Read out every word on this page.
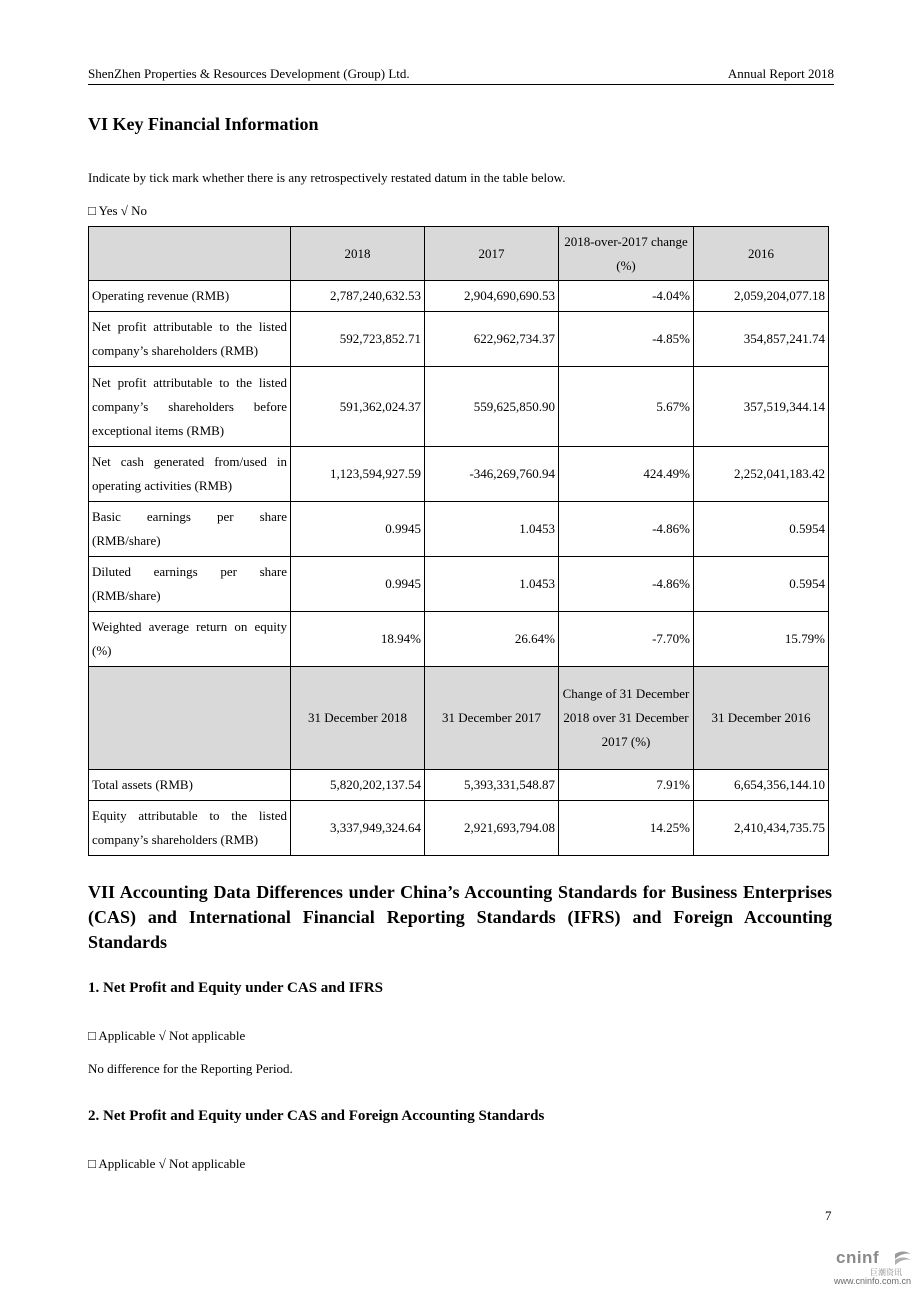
ShenZhen Properties & Resources Development (Group) Ltd.	Annual Report 2018
VI Key Financial Information
Indicate by tick mark whether there is any retrospectively restated datum in the table below.
□ Yes √ No
	2018	2017	2018-over-2017 change (%)	2016
Operating revenue (RMB)	2,787,240,632.53	2,904,690,690.53	-4.04%	2,059,204,077.18
Net profit attributable to the listed company’s shareholders (RMB)	592,723,852.71	622,962,734.37	-4.85%	354,857,241.74
Net profit attributable to the listed company’s shareholders before exceptional items (RMB)	591,362,024.37	559,625,850.90	5.67%	357,519,344.14
Net cash generated from/used in operating activities (RMB)	1,123,594,927.59	-346,269,760.94	424.49%	2,252,041,183.42
Basic earnings per share (RMB/share)	0.9945	1.0453	-4.86%	0.5954
Diluted earnings per share (RMB/share)	0.9945	1.0453	-4.86%	0.5954
Weighted average return on equity (%)	18.94%	26.64%	-7.70%	15.79%
	31 December 2018	31 December 2017	Change of 31 December 2018 over 31 December 2017 (%)	31 December 2016
Total assets (RMB)	5,820,202,137.54	5,393,331,548.87	7.91%	6,654,356,144.10
Equity attributable to the listed company’s shareholders (RMB)	3,337,949,324.64	2,921,693,794.08	14.25%	2,410,434,735.75
VII Accounting Data Differences under China’s Accounting Standards for Business Enterprises (CAS) and International Financial Reporting Standards (IFRS) and Foreign Accounting Standards
1. Net Profit and Equity under CAS and IFRS
□ Applicable √ Not applicable
No difference for the Reporting Period.
2. Net Profit and Equity under CAS and Foreign Accounting Standards
□ Applicable √ Not applicable
7
cninf
巨潮资讯
www.cninfo.com.cn
